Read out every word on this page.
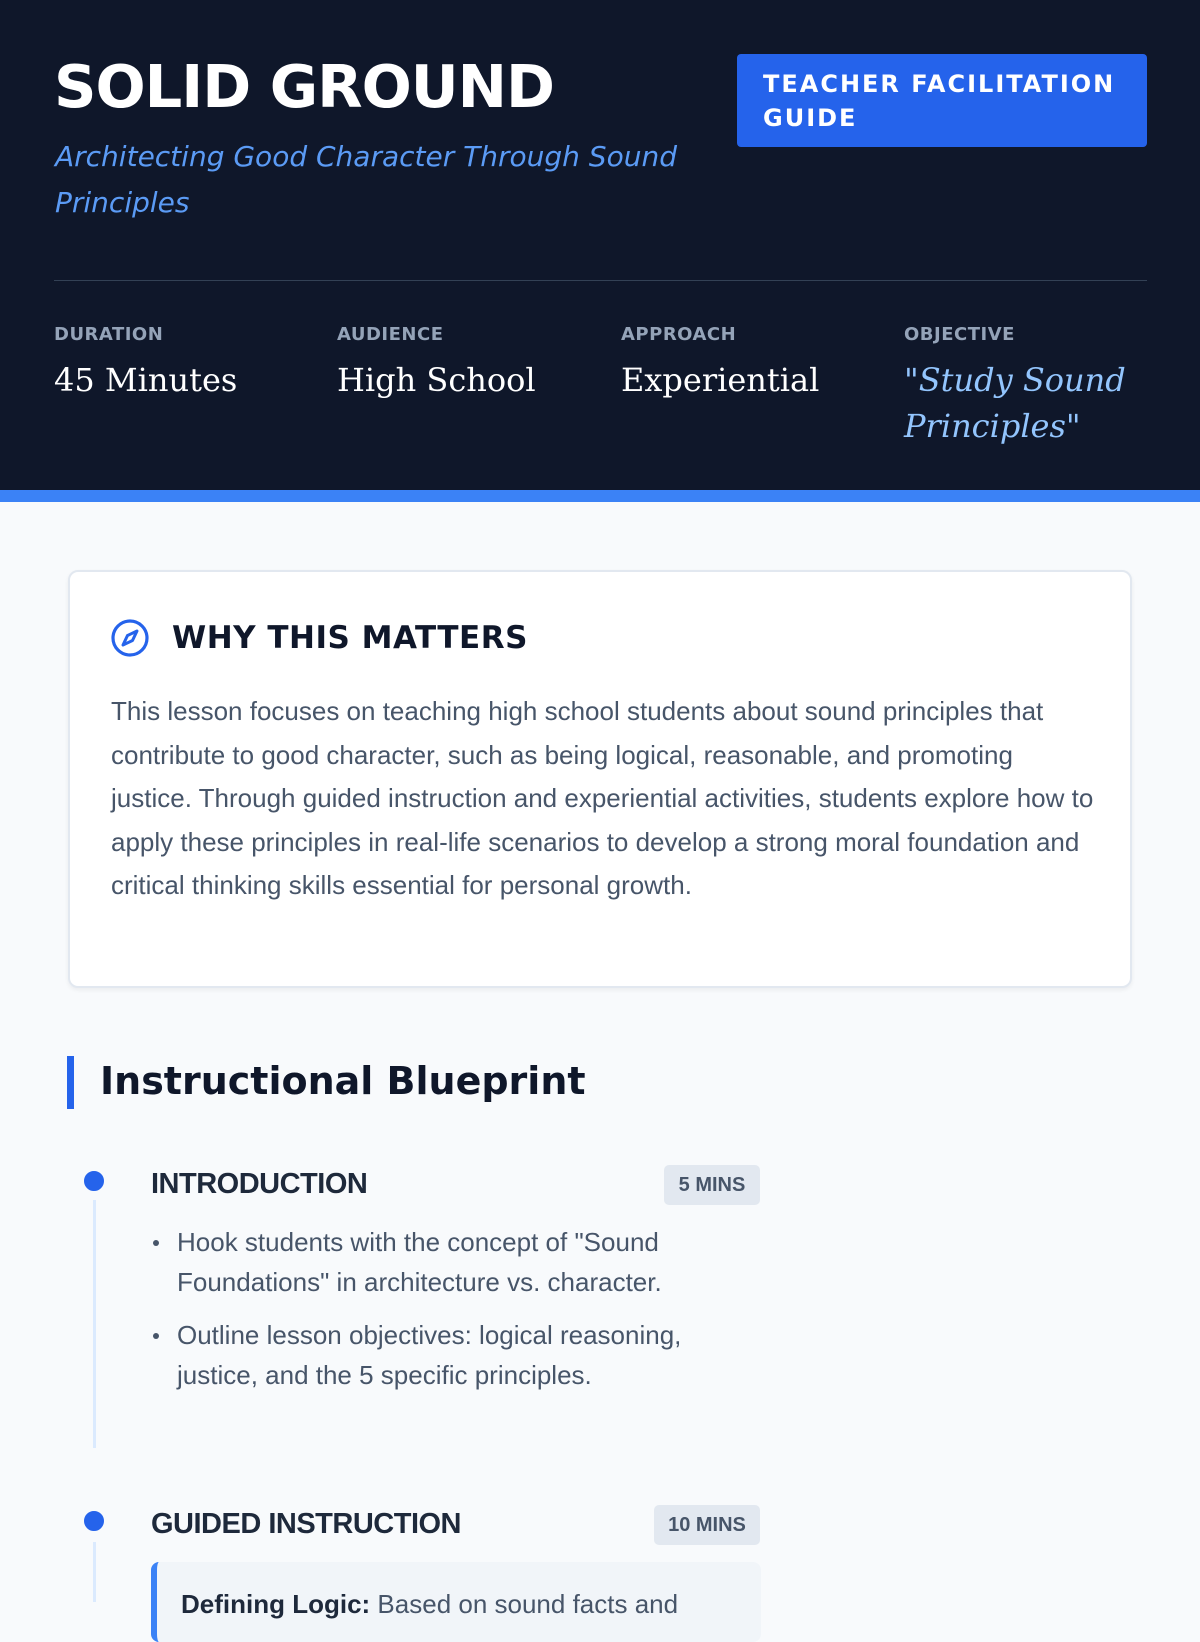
SOLID GROUND
Architecting Good Character Through Sound Principles
TEACHER FACILITATION GUIDE
DURATION
45 Minutes
AUDIENCE
High School
APPROACH
Experiential
OBJECTIVE
"Study Sound Principles"
WHY THIS MATTERS

This lesson focuses on teaching high school students about sound principles that contribute to good character, such as being logical, reasonable, and promoting justice. Through guided instruction and experiential activities, students explore how to apply these principles in real-life scenarios to develop a strong moral foundation and critical thinking skills essential for personal growth.

Instructional Blueprint
INTRODUCTION	5 MINS
Hook students with the concept of "Sound Foundations" in architecture vs. character.
Outline lesson objectives: logical reasoning, justice, and the 5 specific principles.
GUIDED INSTRUCTION	10 MINS
Defining Logic: Based on sound facts and
